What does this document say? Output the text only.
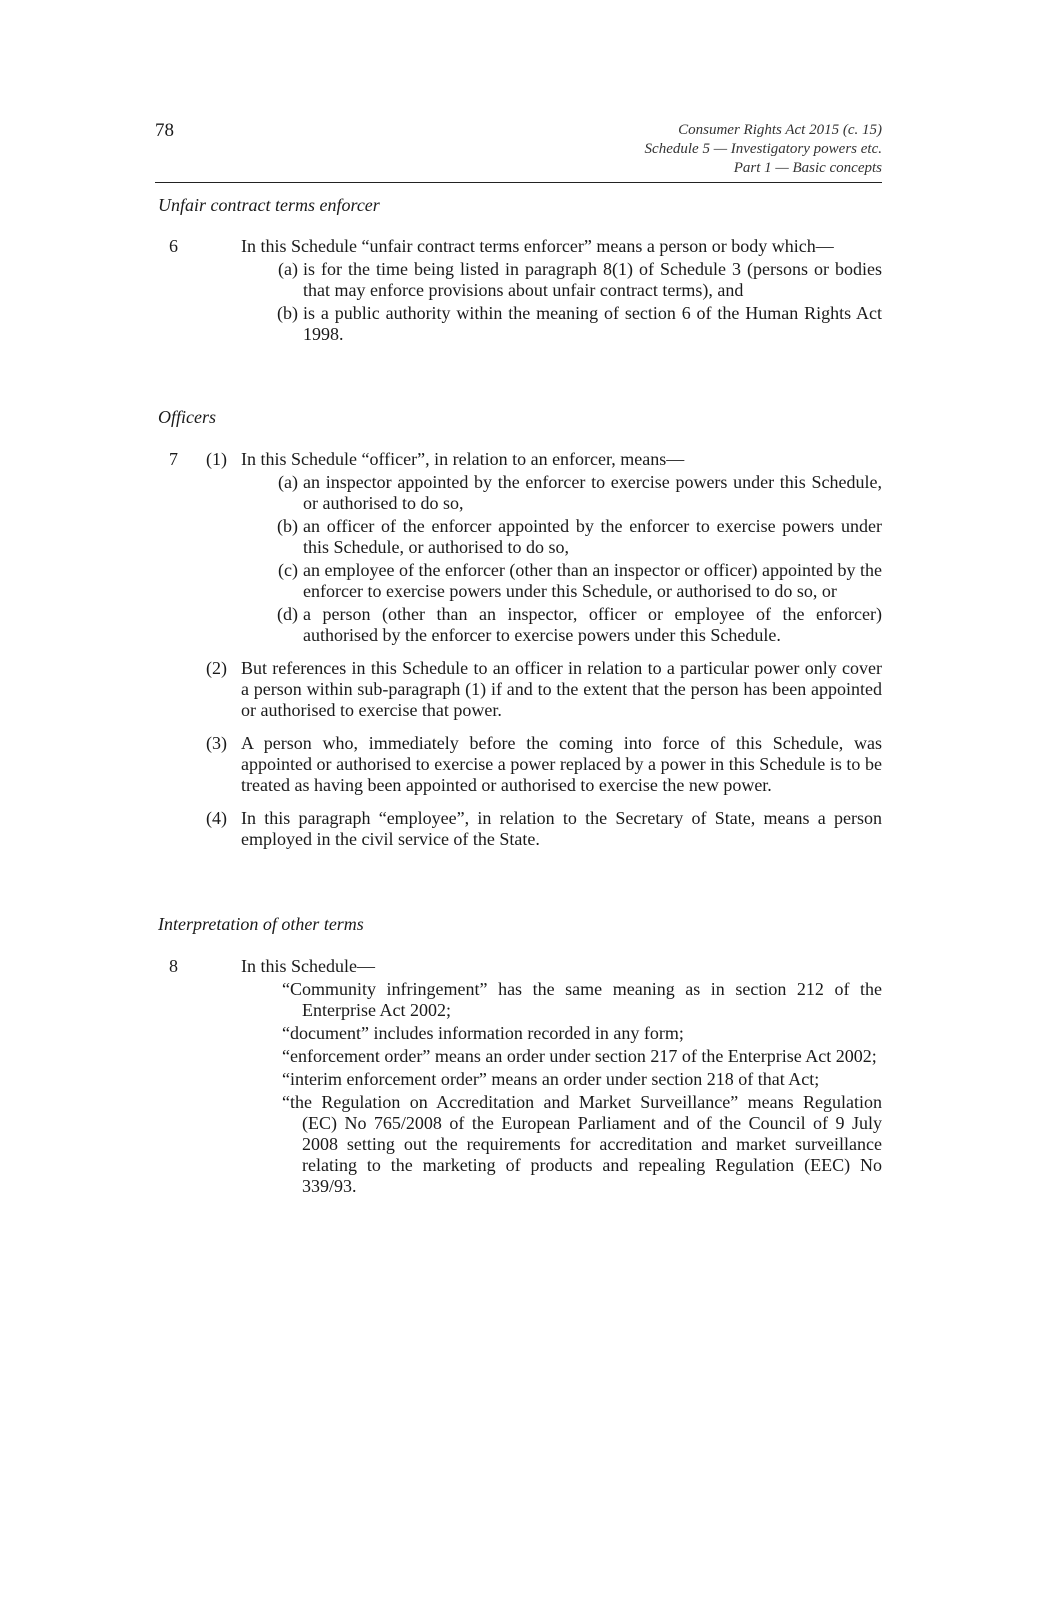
78	Consumer Rights Act 2015 (c. 15)
Schedule 5 — Investigatory powers etc.
Part 1 — Basic concepts
Unfair contract terms enforcer
6	In this Schedule “unfair contract terms enforcer” means a person or body which—
(a) is for the time being listed in paragraph 8(1) of Schedule 3 (persons or bodies that may enforce provisions about unfair contract terms), and
(b) is a public authority within the meaning of section 6 of the Human Rights Act 1998.
Officers
7 (1) In this Schedule “officer”, in relation to an enforcer, means—
(a) an inspector appointed by the enforcer to exercise powers under this Schedule, or authorised to do so,
(b) an officer of the enforcer appointed by the enforcer to exercise powers under this Schedule, or authorised to do so,
(c) an employee of the enforcer (other than an inspector or officer) appointed by the enforcer to exercise powers under this Schedule, or authorised to do so, or
(d) a person (other than an inspector, officer or employee of the enforcer) authorised by the enforcer to exercise powers under this Schedule.
(2) But references in this Schedule to an officer in relation to a particular power only cover a person within sub-paragraph (1) if and to the extent that the person has been appointed or authorised to exercise that power.
(3) A person who, immediately before the coming into force of this Schedule, was appointed or authorised to exercise a power replaced by a power in this Schedule is to be treated as having been appointed or authorised to exercise the new power.
(4) In this paragraph “employee”, in relation to the Secretary of State, means a person employed in the civil service of the State.
Interpretation of other terms
8	In this Schedule—
“Community infringement” has the same meaning as in section 212 of the Enterprise Act 2002;
“document” includes information recorded in any form;
“enforcement order” means an order under section 217 of the Enterprise Act 2002;
“interim enforcement order” means an order under section 218 of that Act;
“the Regulation on Accreditation and Market Surveillance” means Regulation (EC) No 765/2008 of the European Parliament and of the Council of 9 July 2008 setting out the requirements for accreditation and market surveillance relating to the marketing of products and repealing Regulation (EEC) No 339/93.
